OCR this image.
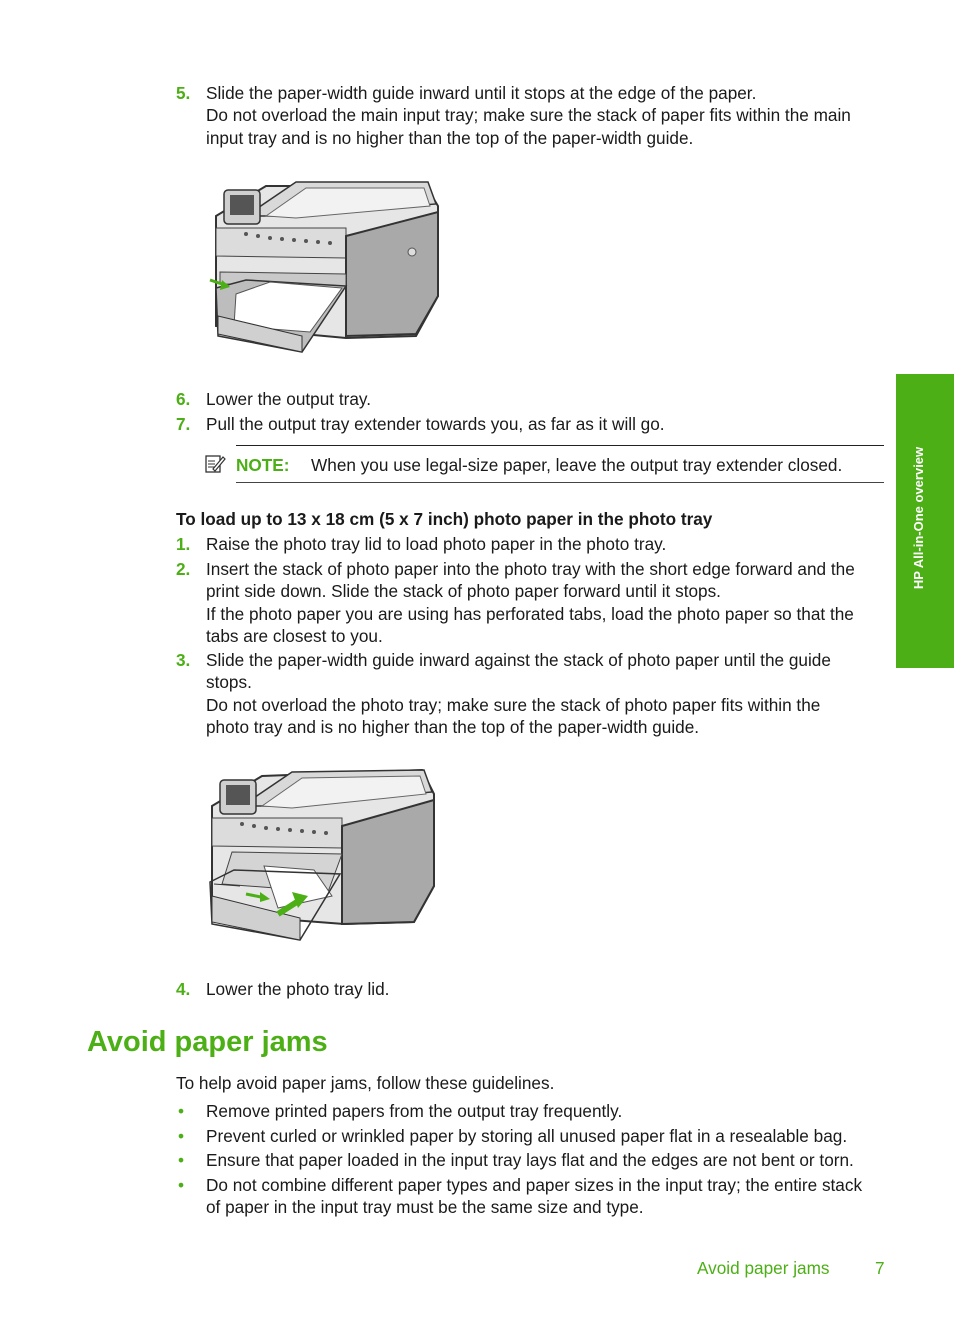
HP All-in-One overview
5. Slide the paper-width guide inward until it stops at the edge of the paper.
Do not overload the main input tray; make sure the stack of paper fits within the main
input tray and is no higher than the top of the paper-width guide.
6. Lower the output tray.
7. Pull the output tray extender towards you, as far as it will go.
NOTE: When you use legal-size paper, leave the output tray extender closed.
To load up to 13 x 18 cm (5 x 7 inch) photo paper in the photo tray
1. Raise the photo tray lid to load photo paper in the photo tray.
2. Insert the stack of photo paper into the photo tray with the short edge forward and the
print side down. Slide the stack of photo paper forward until it stops.
If the photo paper you are using has perforated tabs, load the photo paper so that the
tabs are closest to you.
3. Slide the paper-width guide inward against the stack of photo paper until the guide
stops.
Do not overload the photo tray; make sure the stack of photo paper fits within the
photo tray and is no higher than the top of the paper-width guide.
4. Lower the photo tray lid.
Avoid paper jams
To help avoid paper jams, follow these guidelines.
• Remove printed papers from the output tray frequently.
• Prevent curled or wrinkled paper by storing all unused paper flat in a resealable bag.
• Ensure that paper loaded in the input tray lays flat and the edges are not bent or torn.
• Do not combine different paper types and paper sizes in the input tray; the entire stack
of paper in the input tray must be the same size and type.
Avoid paper jams	7
